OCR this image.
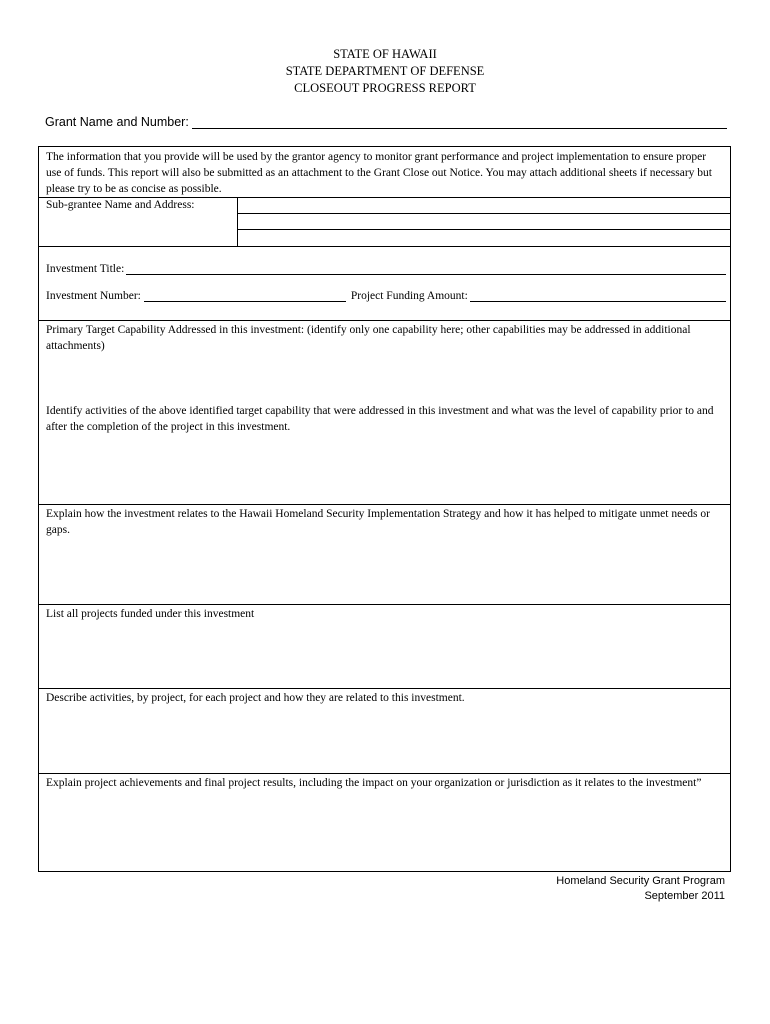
STATE OF HAWAII
STATE DEPARTMENT OF DEFENSE
CLOSEOUT PROGRESS REPORT
Grant Name and Number:
The information that you provide will be used by the grantor agency to monitor grant performance and project implementation to ensure proper use of funds. This report will also be submitted as an attachment to the Grant Close out Notice. You may attach additional sheets if necessary but please try to be as concise as possible.
Sub-grantee Name and Address:
Investment Title:
Investment Number:	Project Funding Amount:
Primary Target Capability Addressed in this investment: (identify only one capability here; other capabilities may be addressed in additional attachments)
Identify activities of the above identified target capability that were addressed in this investment and what was the level of capability prior to and after the completion of the project in this investment.
Explain how the investment relates to the Hawaii Homeland Security Implementation Strategy and how it has helped to mitigate unmet needs or gaps.
List all projects funded under this investment
Describe activities, by project, for each project and how they are related to this investment.
Explain project achievements and final project results, including the impact on your organization or jurisdiction as it relates to the investment”
Homeland Security Grant Program
September 2011
